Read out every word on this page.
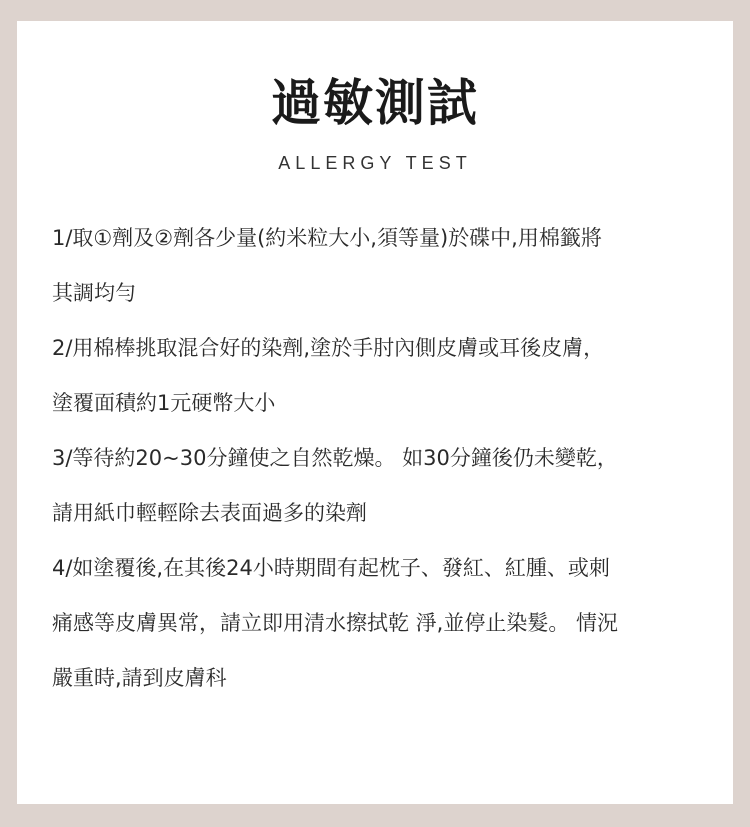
過敏測試
ALLERGY TEST
1/取①劑及②劑各少量(約米粒大小,須等量)於碟中,用棉籤將
其調均勻
2/用棉棒挑取混合好的染劑,塗於手肘內側皮膚或耳後皮膚，
塗覆面積約1元硬幣大小
3/等待約20~30分鐘使之自然乾燥。 如30分鐘後仍未變乾，
請用紙巾輕輕除去表面過多的染劑
4/如塗覆後,在其後24小時期間有起枕子、發紅、紅腫、或刺
痛感等皮膚異常，請立即用清水擦拭乾 淨,並停止染髮。 情況
嚴重時,請到皮膚科
